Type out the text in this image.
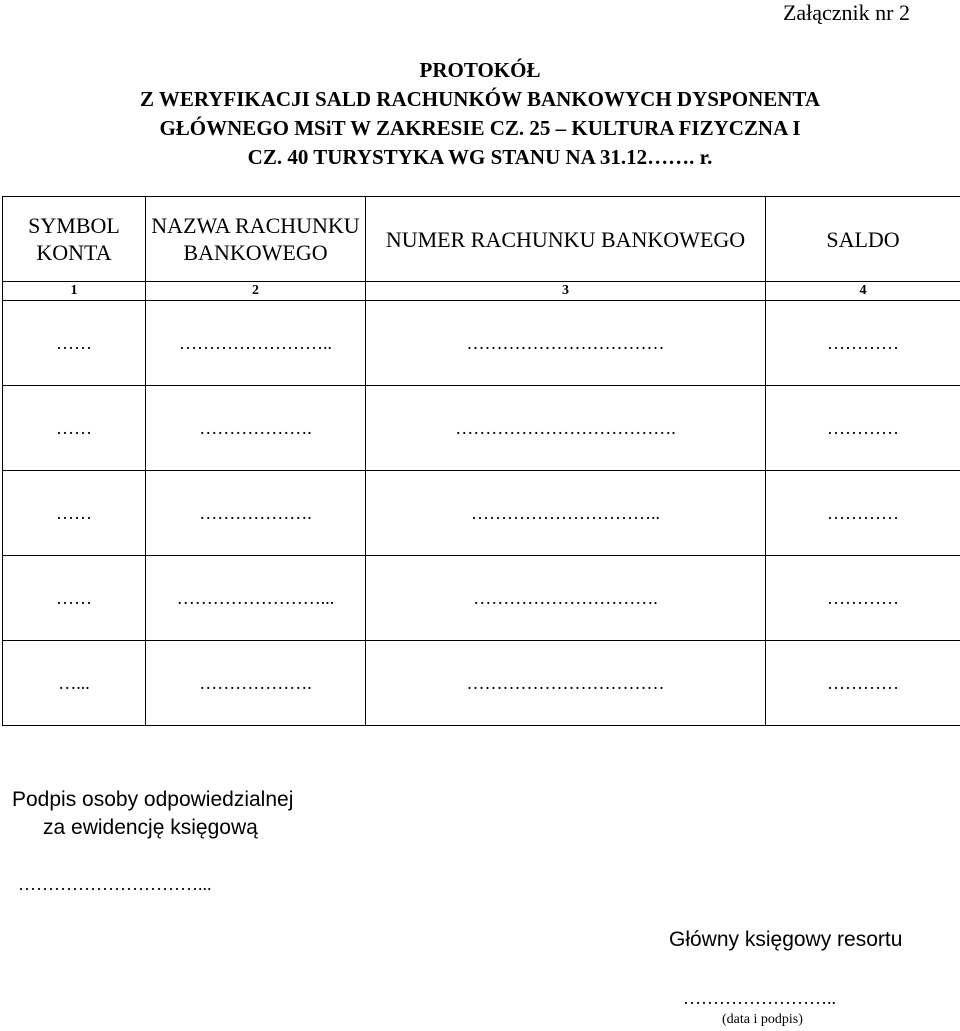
Załącznik nr 2
PROTOKÓŁ
Z WERYFIKACJI SALD RACHUNKÓW BANKOWYCH DYSPONENTA
GŁÓWNEGO MSiT W ZAKRESIE CZ. 25 – KULTURA FIZYCZNA I
CZ. 40 TURYSTYKA WG STANU NA 31.12……. r.
SYMBOL KONTA	NAZWA RACHUNKU BANKOWEGO	NUMER RACHUNKU BANKOWEGO	SALDO
1	2	3	4
……	……………………..	……………………………	…………
……	……………….	……………………………….	…………
……	……………….	…………………………..	…………
……	……………………...	………………………….	…………
…...	……………….	……………………………	…………
Podpis osoby odpowiedzialnej
za ewidencję księgową
…………………………...
Główny księgowy resortu
……………………..
(data i podpis)
